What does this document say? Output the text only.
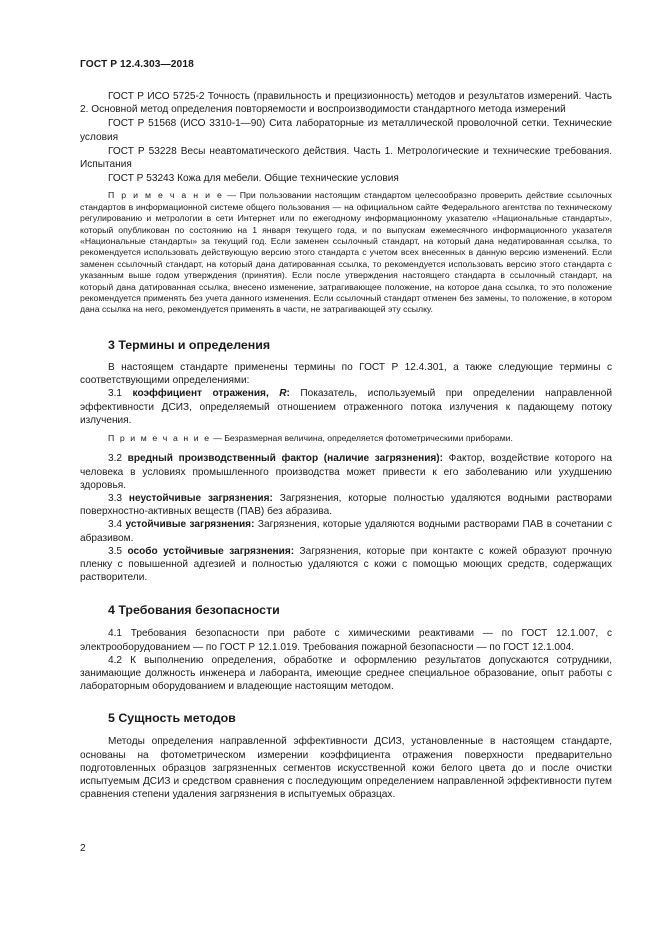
ГОСТ Р 12.4.303—2018

ГОСТ Р ИСО 5725-2 Точность (правильность и прецизионность) методов и результатов измерений. Часть 2. Основной метод определения повторяемости и воспроизводимости стандартного метода измерений

ГОСТ Р 51568 (ИСО 3310-1—90) Сита лабораторные из металлической проволочной сетки. Технические условия

ГОСТ Р 53228 Весы неавтоматического действия. Часть 1. Метрологические и технические требования. Испытания

ГОСТ Р 53243 Кожа для мебели. Общие технические условия

П р и м е ч а н и е — При пользовании настоящим стандартом целесообразно проверить действие ссылочных стандартов в информационной системе общего пользования — на официальном сайте Федерального агентства по техническому регулированию и метрологии в сети Интернет или по ежегодному информационному указателю «Национальные стандарты», который опубликован по состоянию на 1 января текущего года, и по выпускам ежемесячного информационного указателя «Национальные стандарты» за текущий год. Если заменен ссылочный стандарт, на который дана недатированная ссылка, то рекомендуется использовать действующую версию этого стандарта с учетом всех внесенных в данную версию изменений. Если заменен ссылочный стандарт, на который дана датированная ссылка, то рекомендуется использовать версию этого стандарта с указанным выше годом утверждения (принятия). Если после утверждения настоящего стандарта в ссылочный стандарт, на который дана датированная ссылка, внесено изменение, затрагивающее положение, на которое дана ссылка, то это положение рекомендуется применять без учета данного изменения. Если ссылочный стандарт отменен без замены, то положение, в котором дана ссылка на него, рекомендуется применять в части, не затрагивающей эту ссылку.

3 Термины и определения

В настоящем стандарте применены термины по ГОСТ Р 12.4.301, а также следующие термины с соответствующими определениями:

3.1 коэффициент отражения, R: Показатель, используемый при определении направленной эффективности ДСИЗ, определяемый отношением отраженного потока излучения к падающему потоку излучения.

П р и м е ч а н и е — Безразмерная величина, определяется фотометрическими приборами.

3.2 вредный производственный фактор (наличие загрязнения): Фактор, воздействие которого на человека в условиях промышленного производства может привести к его заболеванию или ухудшению здоровья.

3.3 неустойчивые загрязнения: Загрязнения, которые полностью удаляются водными растворами поверхностно-активных веществ (ПАВ) без абразива.

3.4 устойчивые загрязнения: Загрязнения, которые удаляются водными растворами ПАВ в сочетании с абразивом.

3.5 особо устойчивые загрязнения: Загрязнения, которые при контакте с кожей образуют прочную пленку с повышенной адгезией и полностью удаляются с кожи с помощью моющих средств, содержащих растворители.

4 Требования безопасности

4.1 Требования безопасности при работе с химическими реактивами — по ГОСТ 12.1.007, с электрооборудованием — по ГОСТ Р 12.1.019. Требования пожарной безопасности — по ГОСТ 12.1.004.

4.2 К выполнению определения, обработке и оформлению результатов допускаются сотрудники, занимающие должность инженера и лаборанта, имеющие среднее специальное образование, опыт работы с лабораторным оборудованием и владеющие настоящим методом.

5 Сущность методов

Методы определения направленной эффективности ДСИЗ, установленные в настоящем стандарте, основаны на фотометрическом измерении коэффициента отражения поверхности предварительно подготовленных образцов загрязненных сегментов искусственной кожи белого цвета до и после очистки испытуемым ДСИЗ и средством сравнения с последующим определением направленной эффективности путем сравнения степени удаления загрязнения в испытуемых образцах.

2
